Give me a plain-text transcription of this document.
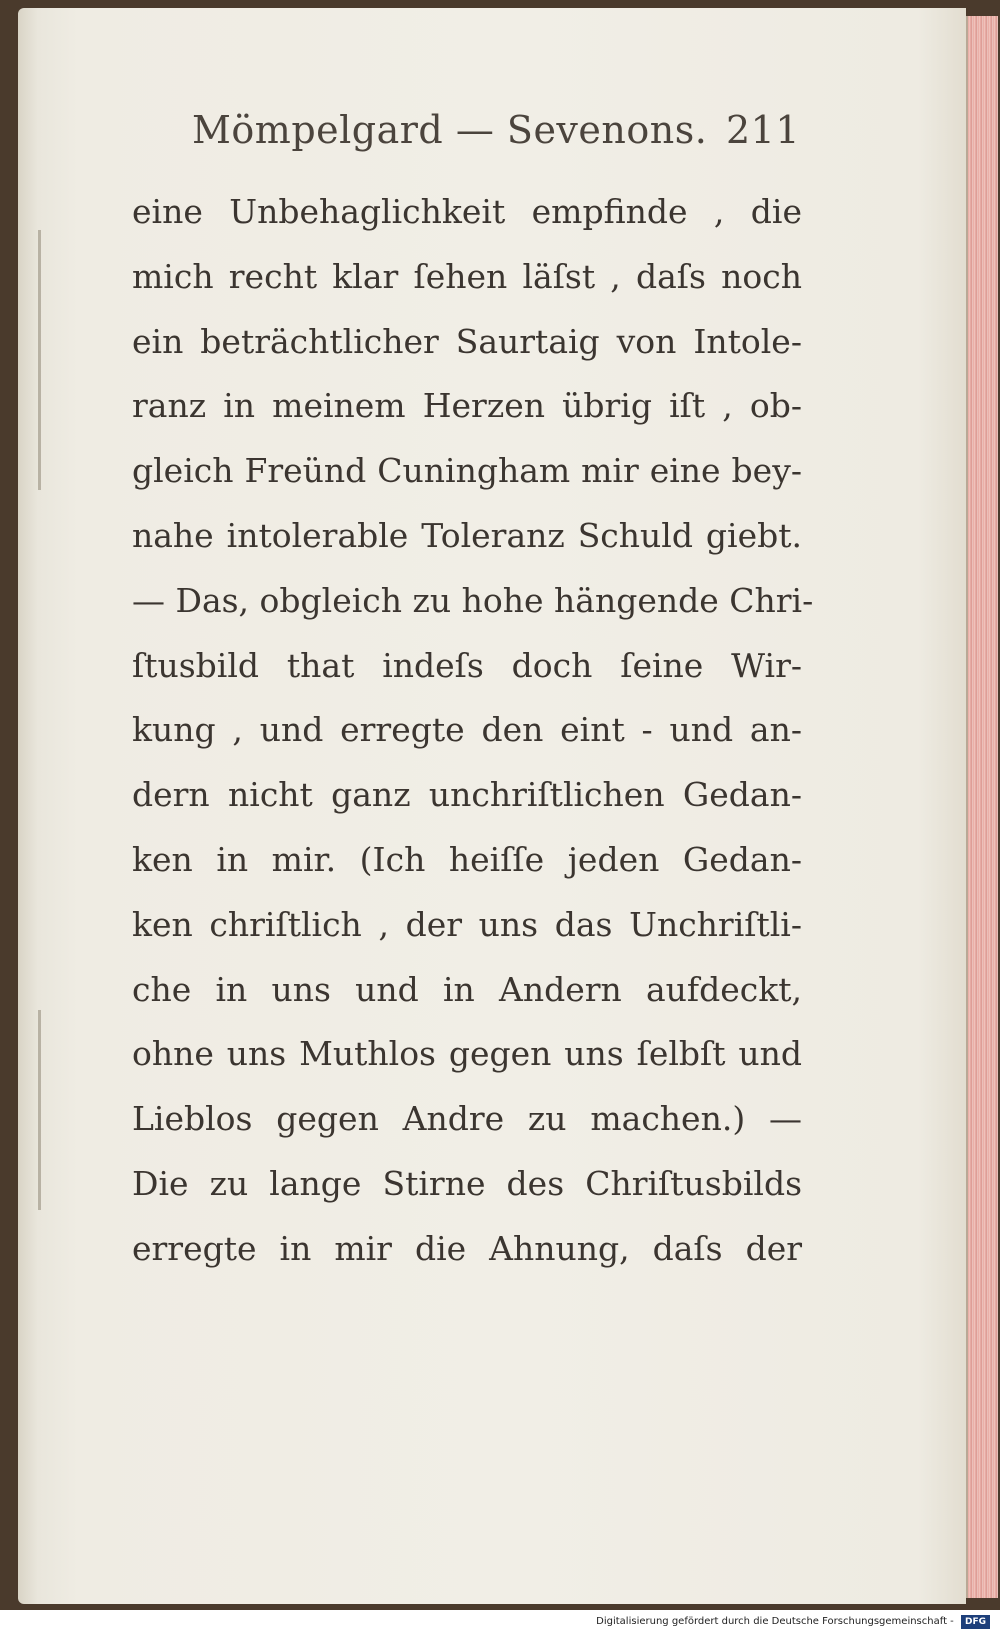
Mömpelgard — Sevenons. 211
eine Unbehaglichkeit empfinde , die
mich recht klar ſehen läſst , daſs noch
ein beträchtlicher Saurtaig von Intole-
ranz in meinem Herzen übrig iſt , ob-
gleich Freünd Cuningham mir eine bey-
nahe intolerable Toleranz Schuld giebt.
— Das, obgleich zu hohe hängende Chri-
ſtusbild that indeſs doch ſeine Wir-
kung , und erregte den eint - und an-
dern nicht ganz unchriſtlichen Gedan-
ken in mir. (Ich heiſſe jeden Gedan-
ken chriſtlich , der uns das Unchriſtli-
che in uns und in Andern aufdeckt,
ohne uns Muthlos gegen uns ſelbſt und
Lieblos gegen Andre zu machen.) —
Die zu lange Stirne des Chriſtusbilds
erregte in mir die Ahnung, daſs der
Digitalisierung gefördert durch die Deutsche Forschungsgemeinschaft - DFG
